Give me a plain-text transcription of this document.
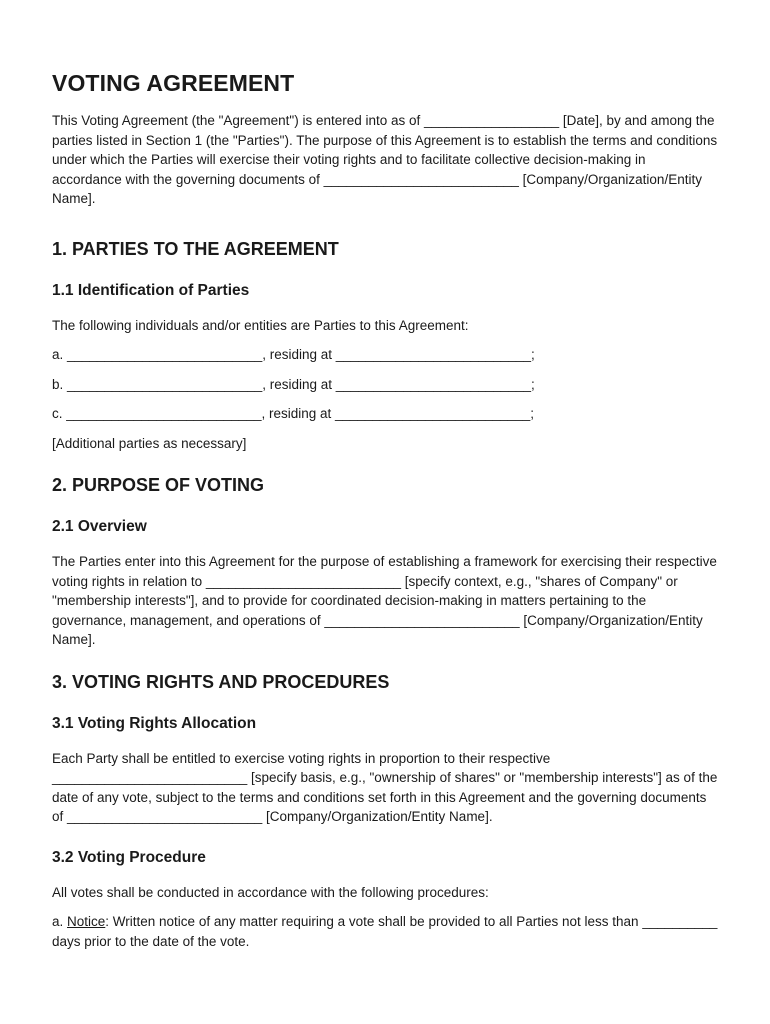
VOTING AGREEMENT

This Voting Agreement (the "Agreement") is entered into as of __________________ [Date], by and among the parties listed in Section 1 (the "Parties"). The purpose of this Agreement is to establish the terms and conditions under which the Parties will exercise their voting rights and to facilitate collective decision-making in accordance with the governing documents of __________________________ [Company/Organization/Entity Name].

1. PARTIES TO THE AGREEMENT
1.1 Identification of Parties

The following individuals and/or entities are Parties to this Agreement:

a. __________________________, residing at __________________________;

b. __________________________, residing at __________________________;

c. __________________________, residing at __________________________;

[Additional parties as necessary]

2. PURPOSE OF VOTING
2.1 Overview

The Parties enter into this Agreement for the purpose of establishing a framework for exercising their respective voting rights in relation to __________________________ [specify context, e.g., "shares of Company" or "membership interests"], and to provide for coordinated decision-making in matters pertaining to the governance, management, and operations of __________________________ [Company/Organization/Entity Name].

3. VOTING RIGHTS AND PROCEDURES
3.1 Voting Rights Allocation

Each Party shall be entitled to exercise voting rights in proportion to their respective __________________________ [specify basis, e.g., "ownership of shares" or "membership interests"] as of the date of any vote, subject to the terms and conditions set forth in this Agreement and the governing documents of __________________________ [Company/Organization/Entity Name].

3.2 Voting Procedure

All votes shall be conducted in accordance with the following procedures:

a. Notice: Written notice of any matter requiring a vote shall be provided to all Parties not less than __________ days prior to the date of the vote.
